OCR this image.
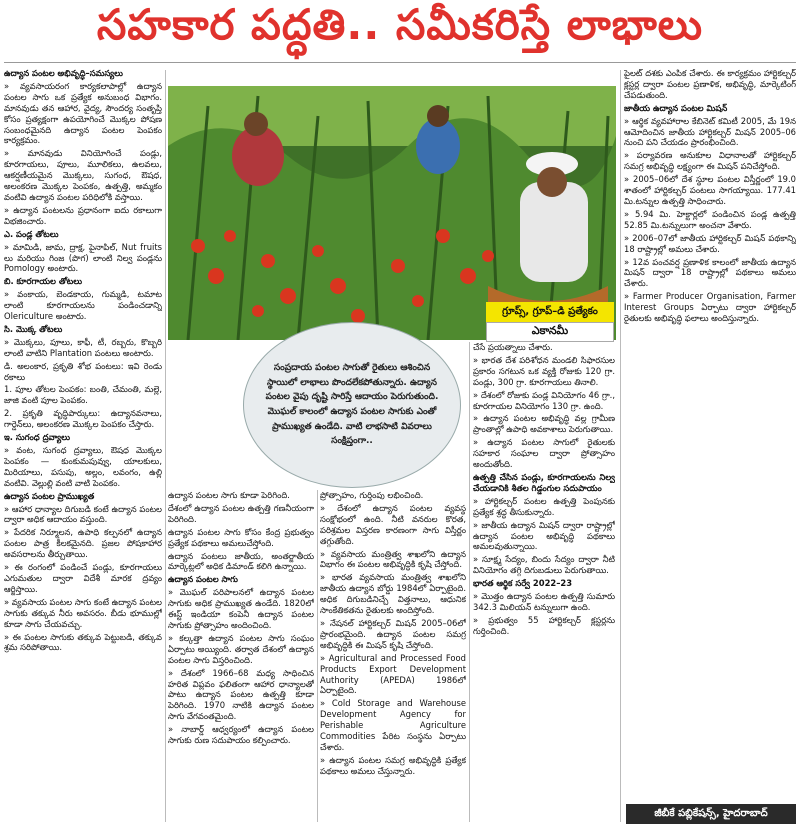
సహకార పద్ధతి.. సమీకరిస్తే లాభాలు

ఉద్యాన పంటల అభివృద్ధి–సమస్యలు

» వ్యవసాయరంగ కార్యకలాపాల్లో ఉద్యాన పంటల సాగు ఒక ప్రత్యేక అనుబంధ విభాగం. మానవుడు తన ఆహార, వైద్య, సౌందర్య సంతృప్తి కోసం ప్రత్యక్షంగా ఉపయోగించే మొక్కల పోషణ సంబంధమైనది ఉద్యాన పంటల పెంపకం కార్యక్రమం.

» మానవుడు వినియోగించే పండ్లు, కూరగాయలు, పూలు, మూలికలు, ఉలవలు, ఆకర్షణీయమైన మొక్కలు, సుగంధ, ఔషధ, అలంకరణ మొక్కల పెంపకం, ఉత్పత్తి, అమ్మకం వంటివి ఉద్యాన పంటల పరిధిలోకి వస్తాయి.

» ఉద్యాన పంటలను ప్రధానంగా ఐదు రకాలుగా విభజించారు.

ఎ. పండ్ల తోటలు

» మామిడి, జామ, ద్రాక్ష, పైనాపిల్, Nut fruits లు మరియు గింజ (పొగ) లాంటి నిల్వ పండ్లను Pomology అంటారు.

బి. కూరగాయల తోటలు

» వంకాయ, బెండకాయ, గుమ్మడి, టమాట లాంటి కూరగాయలను పండించడాన్ని Olericulture అంటారు.

సి. మొక్క తోటలు

» మొక్కలు, పూలు, కాఫీ, టీ, రబ్బరు, కొబ్బరి లాంటి వాటిని Plantation పంటలు అంటారు.

డి. అలంకార, ప్రకృతి శోభ పంటలు: ఇవి రెండు రకాలు

1. పూల తోటల పెంపకం: బంతి, చేమంతి, మల్లె, జాజి వంటి పూల పెంపకం.

2. ప్రకృతి వృద్ధిపార్కులు: ఉద్యానవనాలు, గార్డెన్‌లు, అలంకరణ మొక్కల పెంపకం చేస్తారు.

ఇ. సుగంధ ద్రవ్యాలు

» వంట, సుగంధ ద్రవ్యాలు, ఔషధ మొక్కల పెంపకం — కుంకుమపువ్వు, యాలకులు, మిరియాలు, పసుపు, అల్లం, లవంగం, ఉల్లి వంటివి. వెల్లుల్లి వంటి వాటి పెంపకం.

ఉద్యాన పంటల ప్రాముఖ్యత

» ఆహార ధాన్యాల దిగుబడి కంటే ఉద్యాన పంటల ద్వారా అధిక ఆదాయం వస్తుంది.

» పేదరిక నిర్మూలన, ఉపాధి కల్పనలో ఉద్యాన పంటల పాత్ర కీలకమైనది. ప్రజల పోషకాహార అవసరాలను తీర్చుతాయి.

» ఈ రంగంలో పండించే పండ్లు, కూరగాయలు ఎగుమతుల ద్వారా విదేశీ మారక ద్రవ్యం ఆర్జిస్తాయి.

» వ్యవసాయ పంటల సాగు కంటే ఉద్యాన పంటల సాగుకు తక్కువ నీరు అవసరం. బీడు భూముల్లో కూడా సాగు చేయవచ్చు.

» ఈ పంటల సాగుకు తక్కువ పెట్టుబడి, తక్కువ శ్రమ సరిపోతాయి.

గ్రూప్స్, గ్రూప్–డి ప్రత్యేకం
ఎకానమీ

ఉద్యాన పంటల సాగు కూడా పెరిగింది.

దేశంలో ఉద్యాన పంటల ఉత్పత్తి గణనీయంగా పెరిగింది.

ఉద్యాన పంటల సాగు కోసం కేంద్ర ప్రభుత్వం ప్రత్యేక పథకాలు అమలుచేస్తోంది.

ఉద్యాన పంటలు జాతీయ, అంతర్జాతీయ మార్కెట్లలో అధిక డిమాండ్ కలిగి ఉన్నాయి.

ఉద్యాన పంటల సాగు

» మొఘల్ పరిపాలనలో ఉద్యాన పంటల సాగుకు అధిక ప్రాముఖ్యత ఉండేది. 1820లో ఈస్ట్ ఇండియా కంపెనీ ఉద్యాన పంటల సాగుకు ప్రోత్సాహం అందించింది.

» కల్కత్తా ఉద్యాన పంటల సాగు సంఘం ఏర్పాటు అయ్యింది. తర్వాత దేశంలో ఉద్యాన పంటల సాగు విస్తరించింది.

» దేశంలో 1966–68 మధ్య సాధించిన హరిత విప్లవం ఫలితంగా ఆహార ధాన్యాలతో పాటు ఉద్యాన పంటల ఉత్పత్తి కూడా పెరిగింది. 1970 నాటికి ఉద్యాన పంటల సాగు వేగవంతమైంది.

» నాబార్డ్ ఆధ్వర్యంలో ఉద్యాన పంటల సాగుకు రుణ సదుపాయం కల్పించారు.

సంప్రదాయ పంటల సాగుతో రైతులు ఆశించిన స్థాయిలో లాభాలు పొందలేకపోతున్నారు. ఉద్యాన పంటల వైపు దృష్టి సారిస్తే ఆదాయం పెరుగుతుంది. మొఘల్ కాలంలో ఉద్యాన పంటల సాగుకు ఎంతో ప్రాముఖ్యత ఉండేది. వాటి లాభసాటి వివరాలు సంక్షిప్తంగా..

ప్రోత్సాహం, గుర్తింపు లభించింది.

» దేశంలో ఉద్యాన పంటల వ్యవస్థ సంక్షోభంలో ఉంది. నీటి వనరుల కొరత, పరిశ్రమల విస్తరణ కారణంగా సాగు విస్తీర్ణం తగ్గుతోంది.

» వ్యవసాయ మంత్రిత్వ శాఖలోని ఉద్యాన విభాగం ఈ పంటల అభివృద్ధికి కృషి చేస్తోంది.

» భారత వ్యవసాయ మంత్రిత్వ శాఖలోని జాతీయ ఉద్యాన బోర్డు 1984లో ఏర్పాటైంది. అధిక దిగుబడినిచ్చే విత్తనాలు, ఆధునిక సాంకేతికతను రైతులకు అందిస్తోంది.

» నేషనల్ హార్టికల్చర్ మిషన్ 2005–06లో ప్రారంభమైంది. ఉద్యాన పంటల సమగ్ర అభివృద్ధికి ఈ మిషన్ కృషి చేస్తోంది.

» Agricultural and Processed Food Products Export Development Authority (APEDA) 1986లో ఏర్పాటైంది.

» Cold Storage and Warehouse Development Agency for Perishable Agriculture Commodities పేరిట సంస్థను ఏర్పాటు చేశారు.

» ఉద్యాన పంటల సమగ్ర అభివృద్ధికి ప్రత్యేక పథకాలు అమలు చేస్తున్నారు.

చేసే ప్రయత్నాలు చేశారు.

» భారత దేశ పరిశోధన మండలి సిఫారసుల ప్రకారం సగటున ఒక వ్యక్తి రోజుకు 120 గ్రా. పండ్లు, 300 గ్రా. కూరగాయలు తినాలి.

» దేశంలో రోజుకు పండ్ల వినియోగం 46 గ్రా., కూరగాయల వినియోగం 130 గ్రా. ఉంది.

» ఉద్యాన పంటల అభివృద్ధి వల్ల గ్రామీణ ప్రాంతాల్లో ఉపాధి అవకాశాలు పెరుగుతాయి.

» ఉద్యాన పంటల సాగులో రైతులకు సహకార సంఘాల ద్వారా ప్రోత్సాహం అందుతోంది.

ఉత్పత్తి చేసిన పండ్లు, కూరగాయలను నిల్వ చేయడానికి శీతల గిడ్డంగుల సదుపాయం

» హార్టికల్చర్ పంటల ఉత్పత్తి పెంపునకు ప్రత్యేక శ్రద్ధ తీసుకున్నారు.

» జాతీయ ఉద్యాన మిషన్ ద్వారా రాష్ట్రాల్లో ఉద్యాన పంటల అభివృద్ధి పథకాలు అమలవుతున్నాయి.

» సూక్ష్మ సేద్యం, బిందు సేద్యం ద్వారా నీటి వినియోగం తగ్గి దిగుబడులు పెరుగుతాయి.

భారత ఆర్థిక సర్వే 2022–23

» మొత్తం ఉద్యాన పంటల ఉత్పత్తి సుమారు 342.3 మిలియన్ టన్నులుగా ఉంది.

» ప్రభుత్వం 55 హార్టికల్చర్ క్లస్టర్లను గుర్తించింది.

పైలట్ దశకు ఎంపిక చేశారు. ఈ కార్యక్రమం హార్టికల్చర్ క్లస్టర్ల ద్వారా పంటల ప్రణాళిక, అభివృద్ధి, మార్కెటింగ్ చేపడుతుంది.

జాతీయ ఉద్యాన పంటల మిషన్

» ఆర్థిక వ్యవహారాల కేబినెట్ కమిటీ 2005, మే 19న ఆమోదించిన జాతీయ హార్టికల్చర్ మిషన్ 2005–06 నుంచి పని చేయడం ప్రారంభించింది.

» పర్యావరణ అనుకూల విధానాలతో హార్టికల్చర్ సమగ్ర అభివృద్ధి లక్ష్యంగా ఈ మిషన్ పనిచేస్తోంది.

» 2005–06లో దేశ స్థూల పంటల విస్తీర్ణంలో 19.0 శాతంలో హార్టికల్చర్ పంటలు సాగయ్యాయి. 177.41 మి.టన్నుల ఉత్పత్తి సాధించారు.

» 5.94 మి. హెక్టార్లలో పండించిన పండ్ల ఉత్పత్తి 52.85 మి.టన్నులుగా అంచనా వేశారు.

» 2006–07లో జాతీయ హార్టికల్చర్ మిషన్ పథకాన్ని 18 రాష్ట్రాల్లో అమలు చేశారు.

» 12వ పంచవర్ష ప్రణాళిక కాలంలో జాతీయ ఉద్యాన మిషన్ ద్వారా 18 రాష్ట్రాల్లో పథకాలు అమలు చేశారు.

» Farmer Producer Organisation, Farmer Interest Groups ఏర్పాటు ద్వారా హార్టికల్చర్ రైతులకు అభివృద్ధి ఫలాలు అందిస్తున్నారు.

జీబీకే పబ్లికేషన్స్, హైదరాబాద్
